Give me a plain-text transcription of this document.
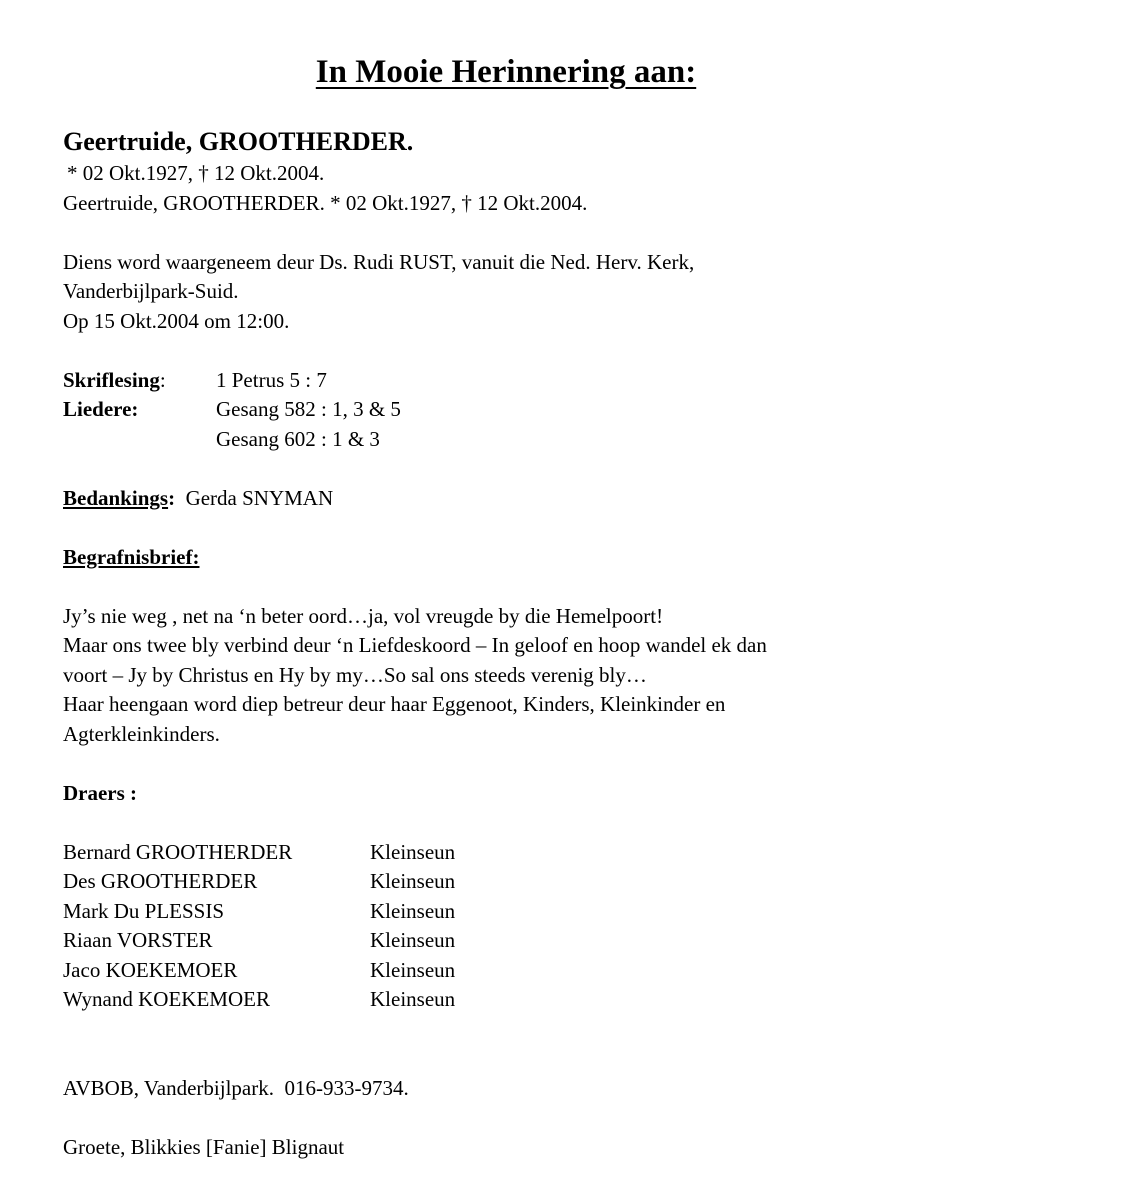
In Mooie Herinnering aan:

Geertruide, GROOTHERDER.

* 02 Okt.1927, † 12 Okt.2004.

Geertruide, GROOTHERDER. * 02 Okt.1927, † 12 Okt.2004.

Diens word waargeneem deur Ds. Rudi RUST, vanuit die Ned. Herv. Kerk,

Vanderbijlpark-Suid.

Op 15 Okt.2004 om 12:00.

Skriflesing:	1 Petrus 5 : 7
Liedere:	Gesang 582 : 1, 3 & 5
Gesang 602 : 1 & 3

Bedankings: Gerda SNYMAN

Begrafnisbrief:

Jy’s nie weg , net na ‘n beter oord…ja, vol vreugde by die Hemelpoort!

Maar ons twee bly verbind deur ‘n Liefdeskoord – In geloof en hoop wandel ek dan

voort – Jy by Christus en Hy by my…So sal ons steeds verenig bly…

Haar heengaan word diep betreur deur haar Eggenoot, Kinders, Kleinkinder en

Agterkleinkinders.

Draers :

Bernard GROOTHERDER	Kleinseun
Des GROOTHERDER	Kleinseun
Mark Du PLESSIS	Kleinseun
Riaan VORSTER	Kleinseun
Jaco KOEKEMOER	Kleinseun
Wynand KOEKEMOER	Kleinseun

AVBOB, Vanderbijlpark.  016-933-9734.

Groete, Blikkies [Fanie] Blignaut
